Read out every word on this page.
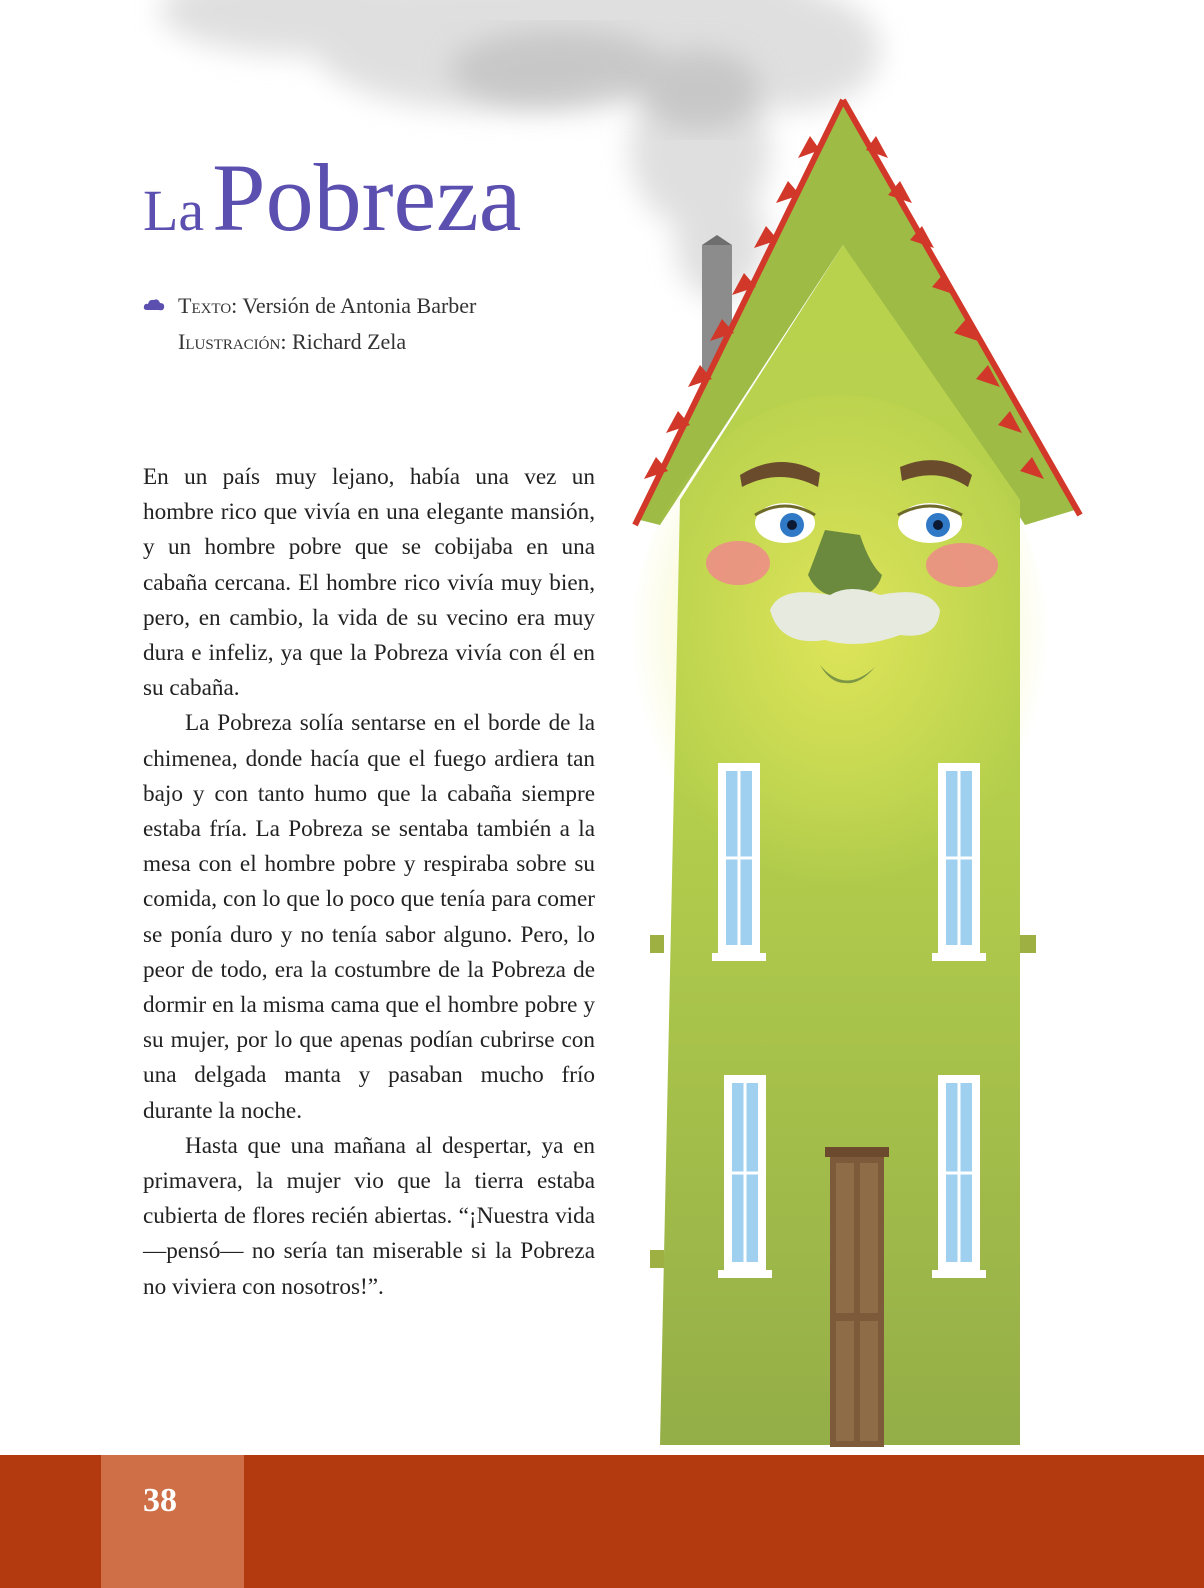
La Pobreza
Texto: Versión de Antonia Barber
Ilustración: Richard Zela

En un país muy lejano, había una vez un hombre rico que vivía en una elegante mansión, y un hombre pobre que se cobijaba en una cabaña cercana. El hombre rico vivía muy bien, pero, en cambio, la vida de su vecino era muy dura e infeliz, ya que la Pobreza vivía con él en su cabaña.

La Pobreza solía sentarse en el borde de la chimenea, donde hacía que el fuego ardiera tan bajo y con tanto humo que la cabaña siempre estaba fría. La Pobreza se sentaba también a la mesa con el hombre pobre y respiraba sobre su comida, con lo que lo poco que tenía para comer se ponía duro y no tenía sabor alguno. Pero, lo peor de todo, era la costumbre de la Pobreza de dormir en la misma cama que el hombre pobre y su mujer, por lo que apenas podían cubrirse con una delgada manta y pasaban mucho frío durante la noche.

Hasta que una mañana al despertar, ya en primavera, la mujer vio que la tierra estaba cubierta de flores recién abiertas. “¡Nuestra vida —pensó— no sería tan miserable si la Pobreza no viviera con nosotros!”.

38
